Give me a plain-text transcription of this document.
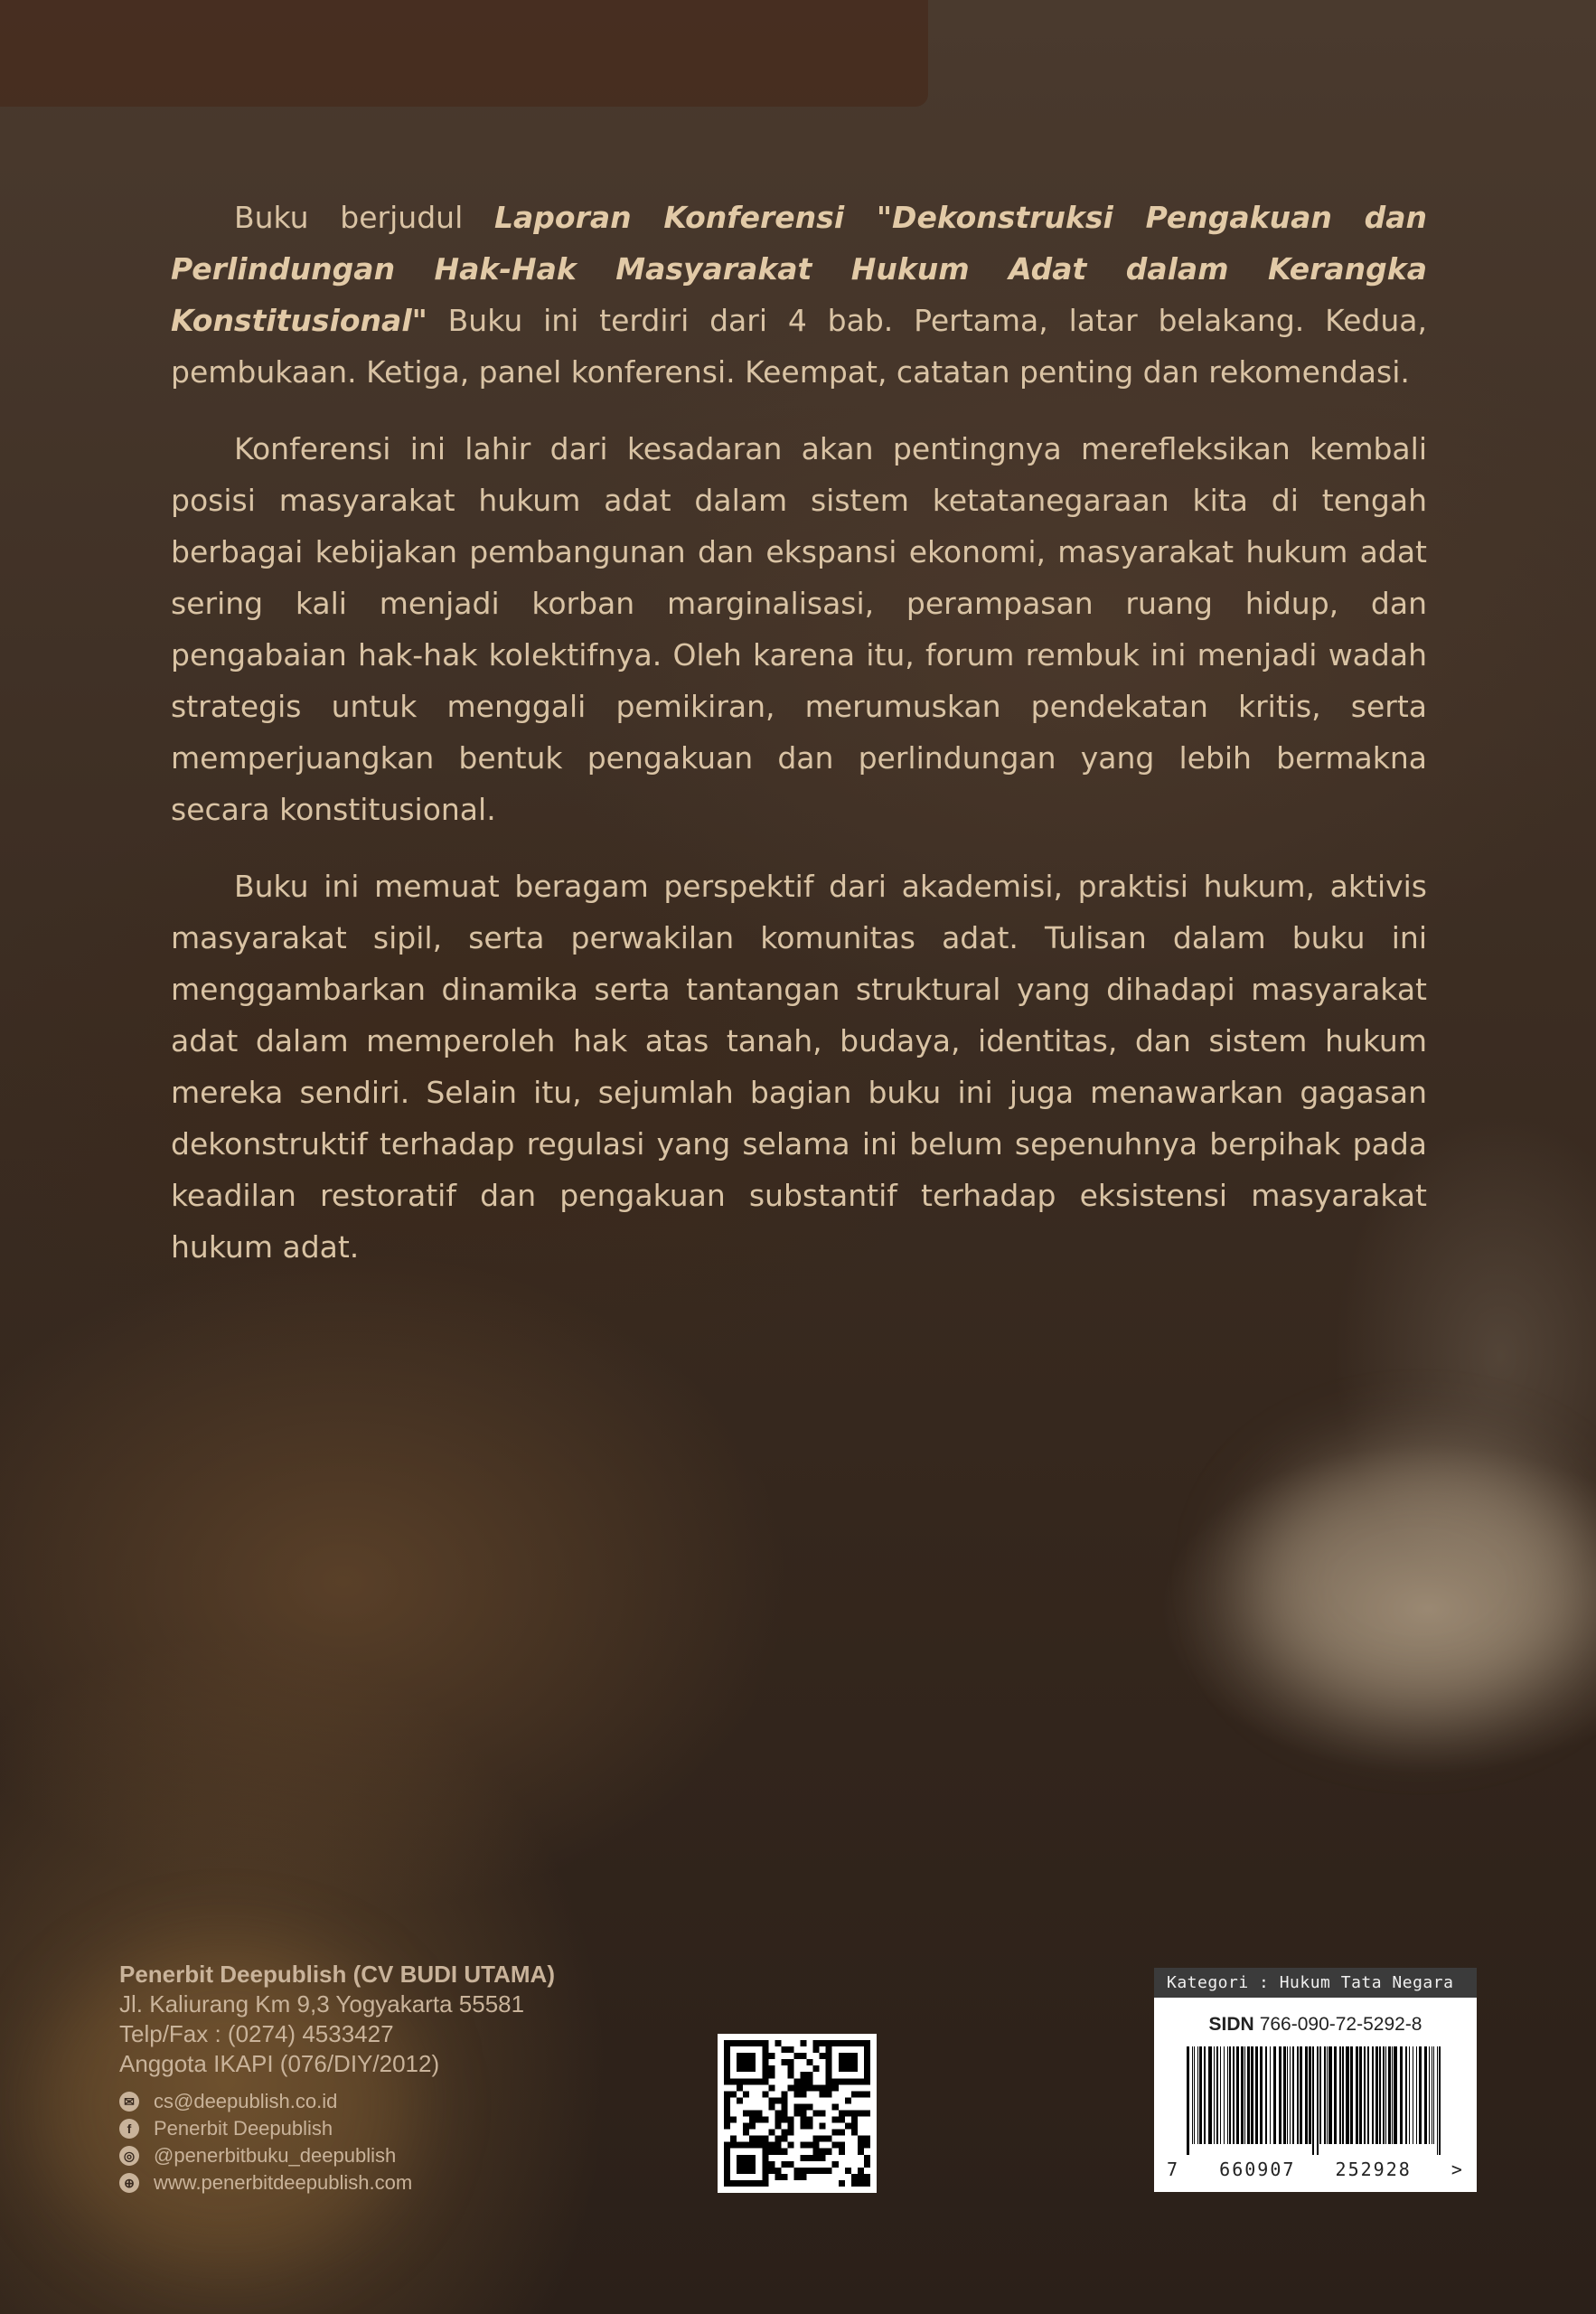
Buku berjudul Laporan Konferensi "Dekonstruksi Pengakuan dan Perlindungan Hak-Hak Masyarakat Hukum Adat dalam Kerangka Konstitusional" Buku ini terdiri dari 4 bab. Pertama, latar belakang. Kedua, pembukaan. Ketiga, panel konferensi. Keempat, catatan penting dan rekomendasi.

Konferensi ini lahir dari kesadaran akan pentingnya merefleksikan kembali posisi masyarakat hukum adat dalam sistem ketatanegaraan kita di tengah berbagai kebijakan pembangunan dan ekspansi ekonomi, masyarakat hukum adat sering kali menjadi korban marginalisasi, perampasan ruang hidup, dan pengabaian hak-hak kolektifnya. Oleh karena itu, forum rembuk ini menjadi wadah strategis untuk menggali pemikiran, merumuskan pendekatan kritis, serta memperjuangkan bentuk pengakuan dan perlindungan yang lebih bermakna secara konstitusional.

Buku ini memuat beragam perspektif dari akademisi, praktisi hukum, aktivis masyarakat sipil, serta perwakilan komunitas adat. Tulisan dalam buku ini menggambarkan dinamika serta tantangan struktural yang dihadapi masyarakat adat dalam memperoleh hak atas tanah, budaya, identitas, dan sistem hukum mereka sendiri. Selain itu, sejumlah bagian buku ini juga menawarkan gagasan dekonstruktif terhadap regulasi yang selama ini belum sepenuhnya berpihak pada keadilan restoratif dan pengakuan substantif terhadap eksistensi masyarakat hukum adat.

Penerbit Deepublish (CV BUDI UTAMA)
Jl. Kaliurang Km 9,3 Yogyakarta 55581
Telp/Fax : (0274) 4533427
Anggota IKAPI (076/DIY/2012)
✉ cs@deepublish.co.id
f	Penerbit Deepublish
◎ @penerbitbuku_deepublish
⊕ www.penerbitdeepublish.com
Kategori : Hukum Tata Negara
SIDN 766-090-72-5292-8
7 660907 252928 >
